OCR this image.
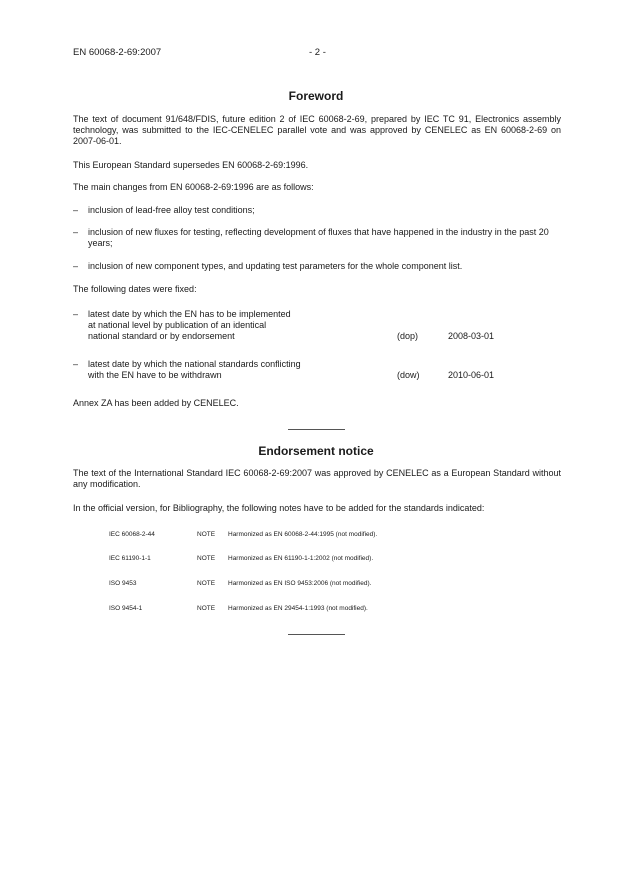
EN 60068-2-69:2007	- 2 -
Foreword
The text of document 91/648/FDIS, future edition 2 of IEC 60068-2-69, prepared by IEC TC 91, Electronics assembly technology, was submitted to the IEC-CENELEC parallel vote and was approved by CENELEC as EN 60068-2-69 on 2007-06-01.
This European Standard supersedes EN 60068-2-69:1996.
The main changes from EN 60068-2-69:1996 are as follows:
– inclusion of lead-free alloy test conditions;
– inclusion of new fluxes for testing, reflecting development of fluxes that have happened in the industry in the past 20 years;
– inclusion of new component types, and updating test parameters for the whole component list.
The following dates were fixed:
– latest date by which the EN has to be implemented
at national level by publication of an identical
national standard or by endorsement	(dop)	2008-03-01
– latest date by which the national standards conflicting
with the EN have to be withdrawn	(dow)	2010-06-01
Annex ZA has been added by CENELEC.
Endorsement notice
The text of the International Standard IEC 60068-2-69:2007 was approved by CENELEC as a European Standard without any modification.
In the official version, for Bibliography, the following notes have to be added for the standards indicated:
IEC 60068-2-44	NOTE Harmonized as EN 60068-2-44:1995 (not modified).
IEC 61190-1-1	NOTE Harmonized as EN 61190-1-1:2002 (not modified).
ISO 9453	NOTE Harmonized as EN ISO 9453:2006 (not modified).
ISO 9454-1	NOTE Harmonized as EN 29454-1:1993 (not modified).
